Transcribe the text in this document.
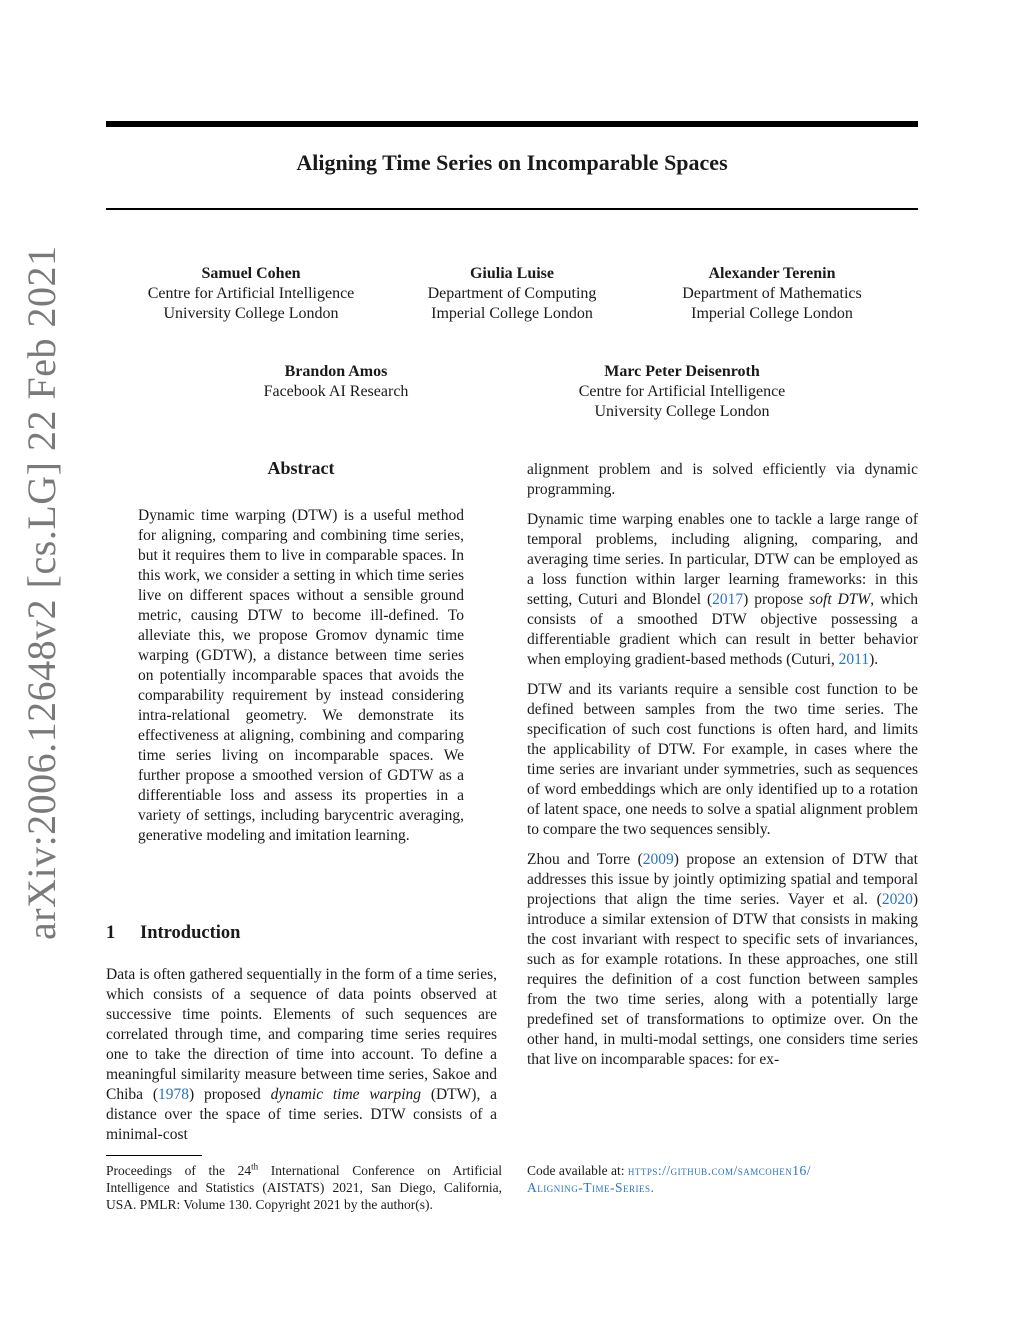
Aligning Time Series on Incomparable Spaces
arXiv:2006.12648v2 [cs.LG] 22 Feb 2021	Samuel Cohen
Centre for Artificial Intelligence
University College London
Giulia Luise
Department of Computing
Imperial College London
Alexander Terenin
Department of Mathematics
Imperial College London
Brandon Amos
Facebook AI Research
Marc Peter Deisenroth
Centre for Artificial Intelligence
University College London
Abstract

Dynamic time warping (DTW) is a useful method for aligning, comparing and combining time series, but it requires them to live in comparable spaces. In this work, we consider a setting in which time series live on different spaces without a sensible ground metric, causing DTW to become ill-defined. To alleviate this, we propose Gromov dynamic time warping (GDTW), a distance between time series on potentially incomparable spaces that avoids the comparability requirement by instead considering intra-relational geometry. We demonstrate its effectiveness at aligning, combining and comparing time series living on incomparable spaces. We further propose a smoothed version of GDTW as a differentiable loss and assess its properties in a variety of settings, including barycentric averaging, generative modeling and imitation learning.

1 Introduction

Data is often gathered sequentially in the form of a time series, which consists of a sequence of data points observed at successive time points. Elements of such sequences are correlated through time, and comparing time series requires one to take the direction of time into account. To define a meaningful similarity measure between time series, Sakoe and Chiba (1978) proposed dynamic time warping (DTW), a distance over the space of time series. DTW consists of a minimal-cost

Proceedings of the 24th International Conference on Artificial Intelligence and Statistics (AISTATS) 2021, San Diego, California, USA. PMLR: Volume 130. Copyright 2021 by the author(s).

alignment problem and is solved efficiently via dynamic programming.

Dynamic time warping enables one to tackle a large range of temporal problems, including aligning, comparing, and averaging time series. In particular, DTW can be employed as a loss function within larger learning frameworks: in this setting, Cuturi and Blondel (2017) propose soft DTW, which consists of a smoothed DTW objective possessing a differentiable gradient which can result in better behavior when employing gradient-based methods (Cuturi, 2011).

DTW and its variants require a sensible cost function to be defined between samples from the two time series. The specification of such cost functions is often hard, and limits the applicability of DTW. For example, in cases where the time series are invariant under symmetries, such as sequences of word embeddings which are only identified up to a rotation of latent space, one needs to solve a spatial alignment problem to compare the two sequences sensibly.

Zhou and Torre (2009) propose an extension of DTW that addresses this issue by jointly optimizing spatial and temporal projections that align the time series. Vayer et al. (2020) introduce a similar extension of DTW that consists in making the cost invariant with respect to specific sets of invariances, such as for example rotations. In these approaches, one still requires the definition of a cost function between samples from the two time series, along with a potentially large predefined set of transformations to optimize over. On the other hand, in multi-modal settings, one considers time series that live on incomparable spaces: for ex-

Code available at: https://github.com/samcohen16/
Aligning-Time-Series.
